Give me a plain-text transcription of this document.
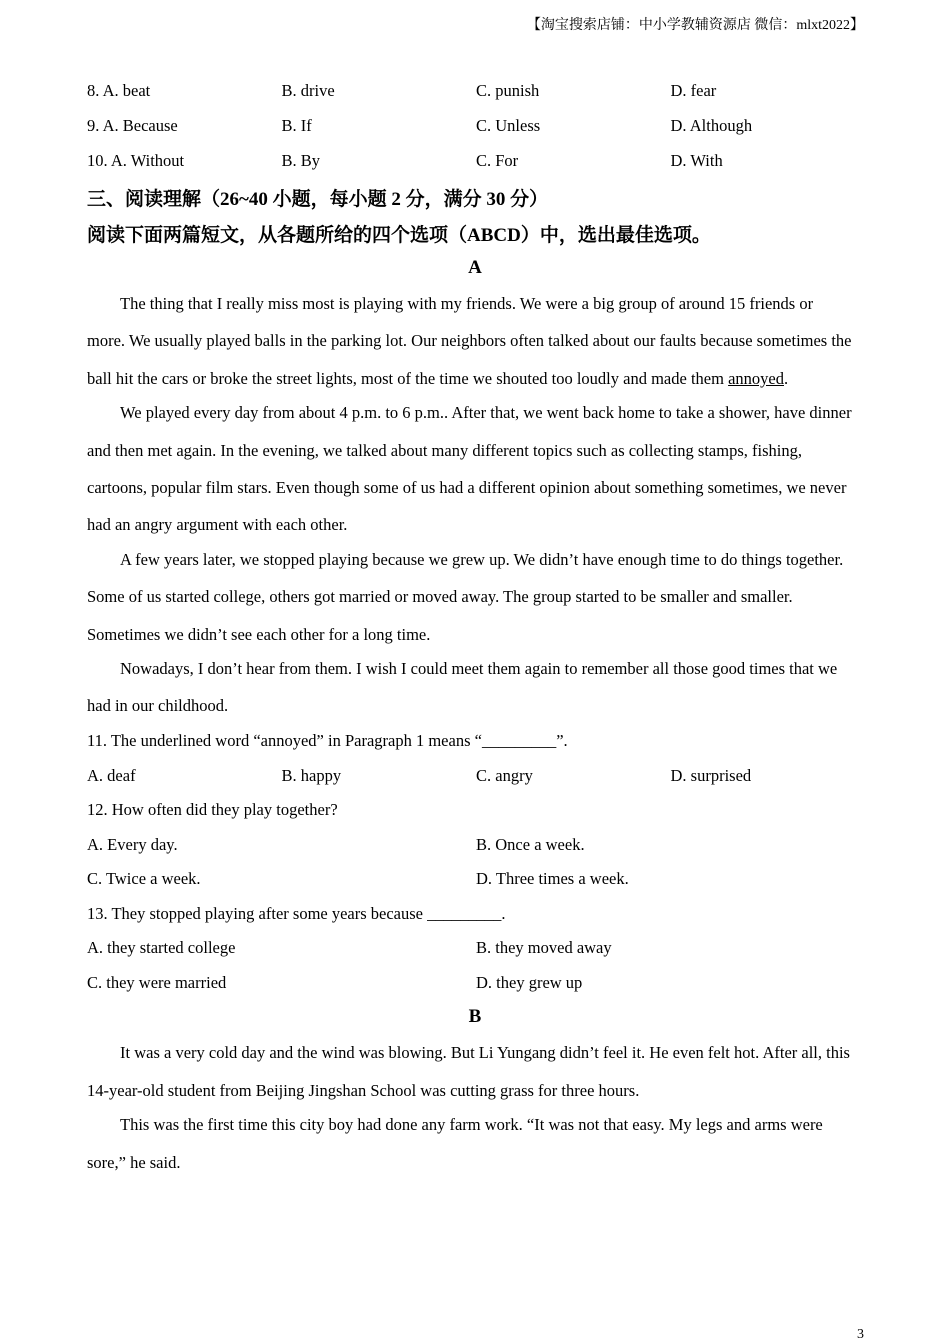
【淘宝搜索店铺：中小学教辅资源店 微信：mlxt2022】
8. A. beat	B. drive	C. punish	D. fear
9. A. Because	B. If	C. Unless	D. Although
10. A. Without	B. By	C. For	D. With
三、阅读理解（26~40 小题，每小题 2 分，满分 30 分）
阅读下面两篇短文，从各题所给的四个选项（ABCD）中，选出最佳选项。
A
The thing that I really miss most is playing with my friends. We were a big group of around 15 friends or
more. We usually played balls in the parking lot. Our neighbors often talked about our faults because sometimes the
ball hit the cars or broke the street lights, most of the time we shouted too loudly and made them annoyed.
We played every day from about 4 p.m. to 6 p.m.. After that, we went back home to take a shower, have dinner
and then met again. In the evening, we talked about many different topics such as collecting stamps, fishing,
cartoons, popular film stars. Even though some of us had a different opinion about something sometimes, we never
had an angry argument with each other.
A few years later, we stopped playing because we grew up. We didn’t have enough time to do things together.
Some of us started college, others got married or moved away. The group started to be smaller and smaller.
Sometimes we didn’t see each other for a long time.
Nowadays, I don’t hear from them. I wish I could meet them again to remember all those good times that we
had in our childhood.
11. The underlined word “annoyed” in Paragraph 1 means “_________”.
A. deaf	B. happy	C. angry	D. surprised
12. How often did they play together?
A. Every day.	B. Once a week.
C. Twice a week.	D. Three times a week.
13. They stopped playing after some years because _________.
A. they started college	B. they moved away
C. they were married	D. they grew up
B
It was a very cold day and the wind was blowing. But Li Yungang didn’t feel it. He even felt hot. After all, this
14-year-old student from Beijing Jingshan School was cutting grass for three hours.
This was the first time this city boy had done any farm work. “It was not that easy. My legs and arms were
sore,” he said.
3
